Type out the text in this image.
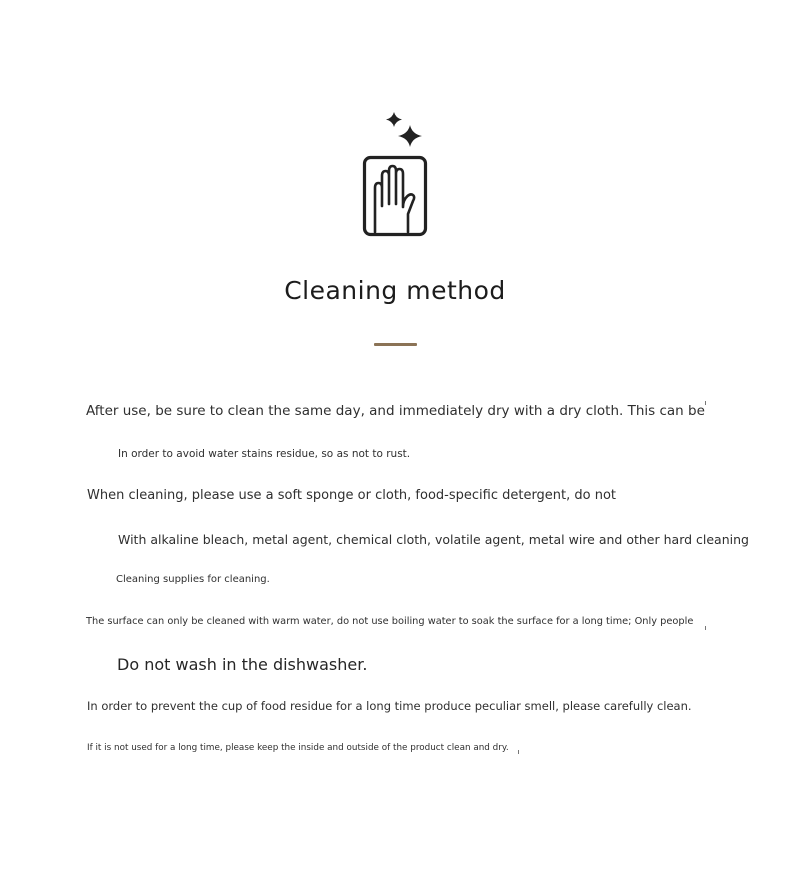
Cleaning method
After use, be sure to clean the same day, and immediately dry with a dry cloth. This can be
In order to avoid water stains residue, so as not to rust.
When cleaning, please use a soft sponge or cloth, food-specific detergent, do not
With alkaline bleach, metal agent, chemical cloth, volatile agent, metal wire and other hard cleaning
Cleaning supplies for cleaning.
The surface can only be cleaned with warm water, do not use boiling water to soak the surface for a long time; Only people
Do not wash in the dishwasher.
In order to prevent the cup of food residue for a long time produce peculiar smell, please carefully clean.
If it is not used for a long time, please keep the inside and outside of the product clean and dry.
